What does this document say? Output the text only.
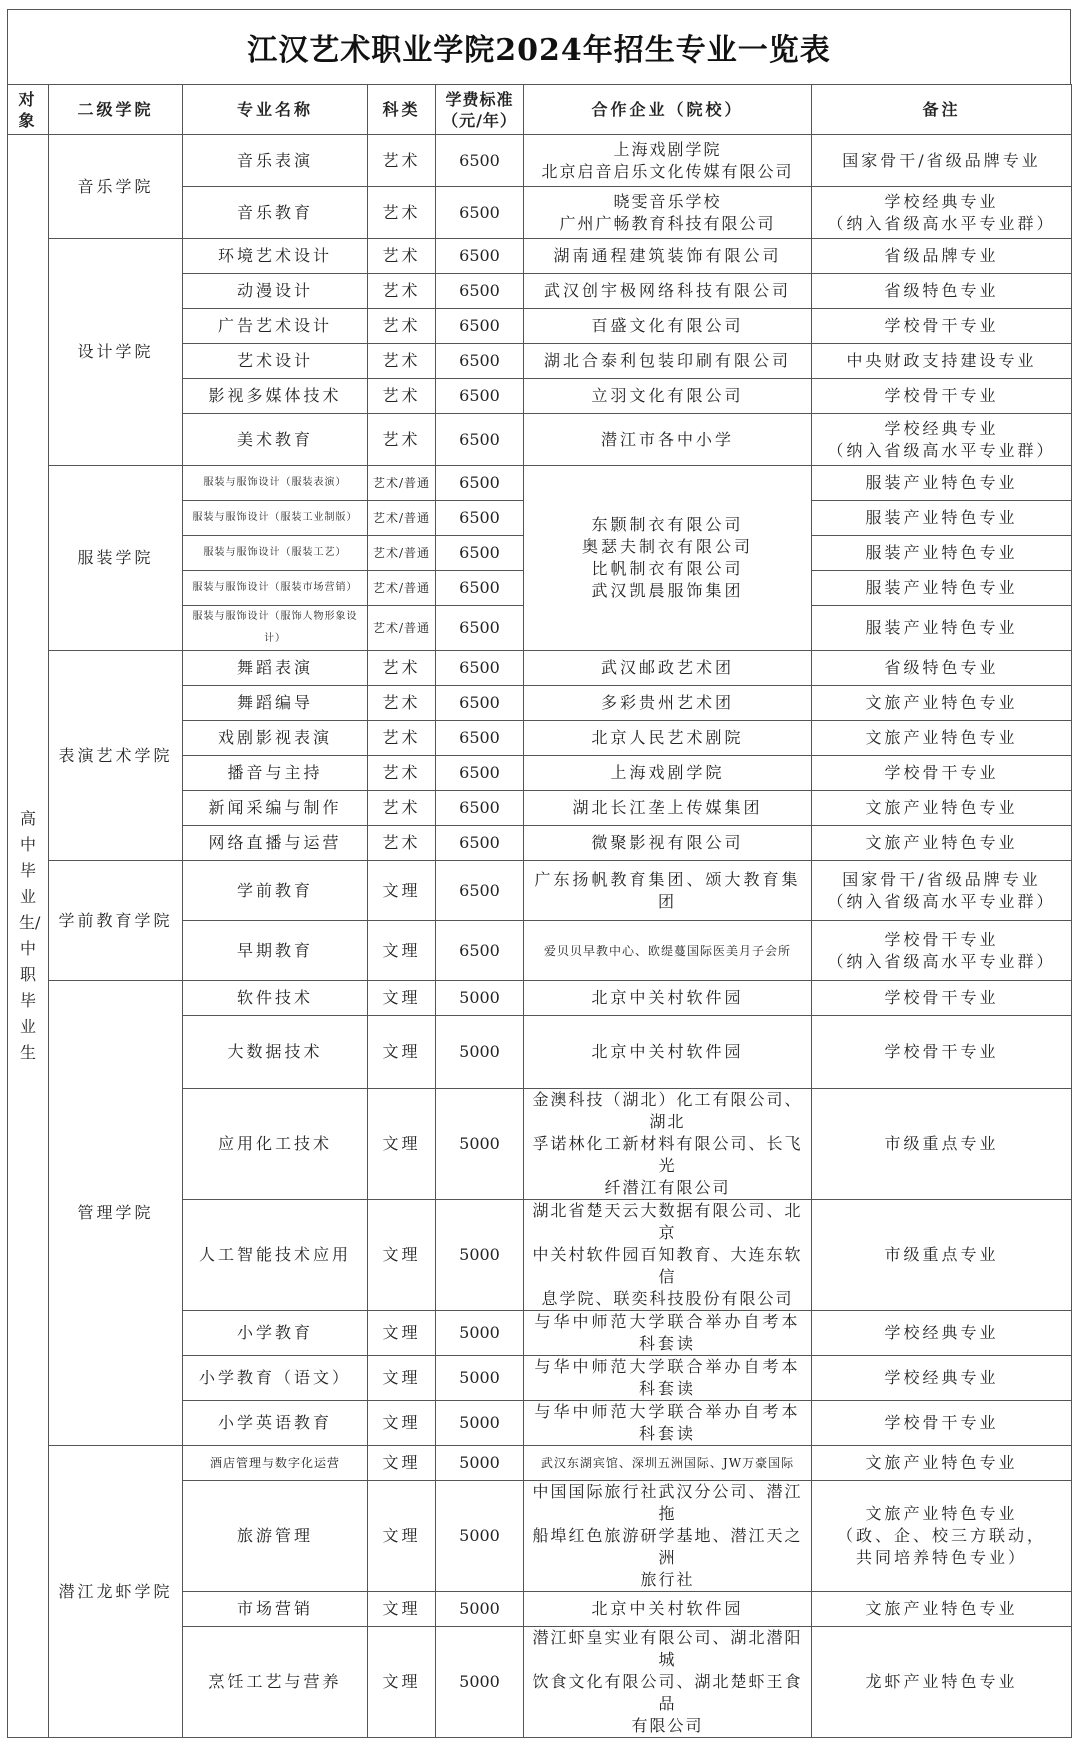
江汉艺术职业学院2024年招生专业一览表
对象	二级学院	专业名称	科类	学费标准（元/年）	合作企业（院校）	备注

高中毕业生/中职毕业生	音乐学院	音乐表演	艺术	6500	上海戏剧学院
北京启音启乐文化传媒有限公司	国家骨干/省级品牌专业

		音乐教育	艺术	6500	晓雯音乐学校
广州广畅教育科技有限公司	学校经典专业
（纳入省级高水平专业群）

	设计学院	环境艺术设计	艺术	6500	湖南通程建筑装饰有限公司	省级品牌专业

		动漫设计	艺术	6500	武汉创宇极网络科技有限公司	省级特色专业

		广告艺术设计	艺术	6500	百盛文化有限公司	学校骨干专业

		艺术设计	艺术	6500	湖北合泰利包装印刷有限公司	中央财政支持建设专业

		影视多媒体技术	艺术	6500	立羽文化有限公司	学校骨干专业

		美术教育	艺术	6500	潜江市各中小学	学校经典专业
（纳入省级高水平专业群）

	服装学院	服装与服饰设计（服装表演）	艺术/普通	6500	东颢制衣有限公司
奥瑟夫制衣有限公司
比帆制衣有限公司
武汉凯晨服饰集团	服装产业特色专业

		服装与服饰设计（服装工业制版）	艺术/普通	6500		服装产业特色专业

		服装与服饰设计（服装工艺）	艺术/普通	6500		服装产业特色专业

		服装与服饰设计（服装市场营销）	艺术/普通	6500		服装产业特色专业

		服装与服饰设计（服饰人物形象设计）	艺术/普通	6500		服装产业特色专业

	表演艺术学院	舞蹈表演	艺术	6500	武汉邮政艺术团	省级特色专业

		舞蹈编导	艺术	6500	多彩贵州艺术团	文旅产业特色专业

		戏剧影视表演	艺术	6500	北京人民艺术剧院	文旅产业特色专业

		播音与主持	艺术	6500	上海戏剧学院	学校骨干专业

		新闻采编与制作	艺术	6500	湖北长江垄上传媒集团	文旅产业特色专业

		网络直播与运营	艺术	6500	微聚影视有限公司	文旅产业特色专业

	学前教育学院	学前教育	文理	6500	广东扬帆教育集团、颂大教育集团	国家骨干/省级品牌专业
（纳入省级高水平专业群）

		早期教育	文理	6500	爱贝贝早教中心、欧缇蔓国际医美月子会所	学校骨干专业
（纳入省级高水平专业群）

	管理学院	软件技术	文理	5000	北京中关村软件园	学校骨干专业

		大数据技术	文理	5000	北京中关村软件园	学校骨干专业

		应用化工技术	文理	5000	金澳科技（湖北）化工有限公司、湖北
孚诺林化工新材料有限公司、长飞光
纤潜江有限公司	市级重点专业

		人工智能技术应用	文理	5000	湖北省楚天云大数据有限公司、北京
中关村软件园百知教育、大连东软信
息学院、联奕科技股份有限公司	市级重点专业

		小学教育	文理	5000	与华中师范大学联合举办自考本科套读	学校经典专业

		小学教育（语文）	文理	5000	与华中师范大学联合举办自考本科套读	学校经典专业

		小学英语教育	文理	5000	与华中师范大学联合举办自考本科套读	学校骨干专业

	潜江龙虾学院	酒店管理与数字化运营	文理	5000	武汉东湖宾馆、深圳五洲国际、JW万豪国际	文旅产业特色专业

		旅游管理	文理	5000	中国国际旅行社武汉分公司、潜江拖
船埠红色旅游研学基地、潜江天之洲
旅行社	文旅产业特色专业
（政、企、校三方联动，
共同培养特色专业）

		市场营销	文理	5000	北京中关村软件园	文旅产业特色专业

		烹饪工艺与营养	文理	5000	潜江虾皇实业有限公司、湖北潜阳城
饮食文化有限公司、湖北楚虾王食品
有限公司	龙虾产业特色专业
